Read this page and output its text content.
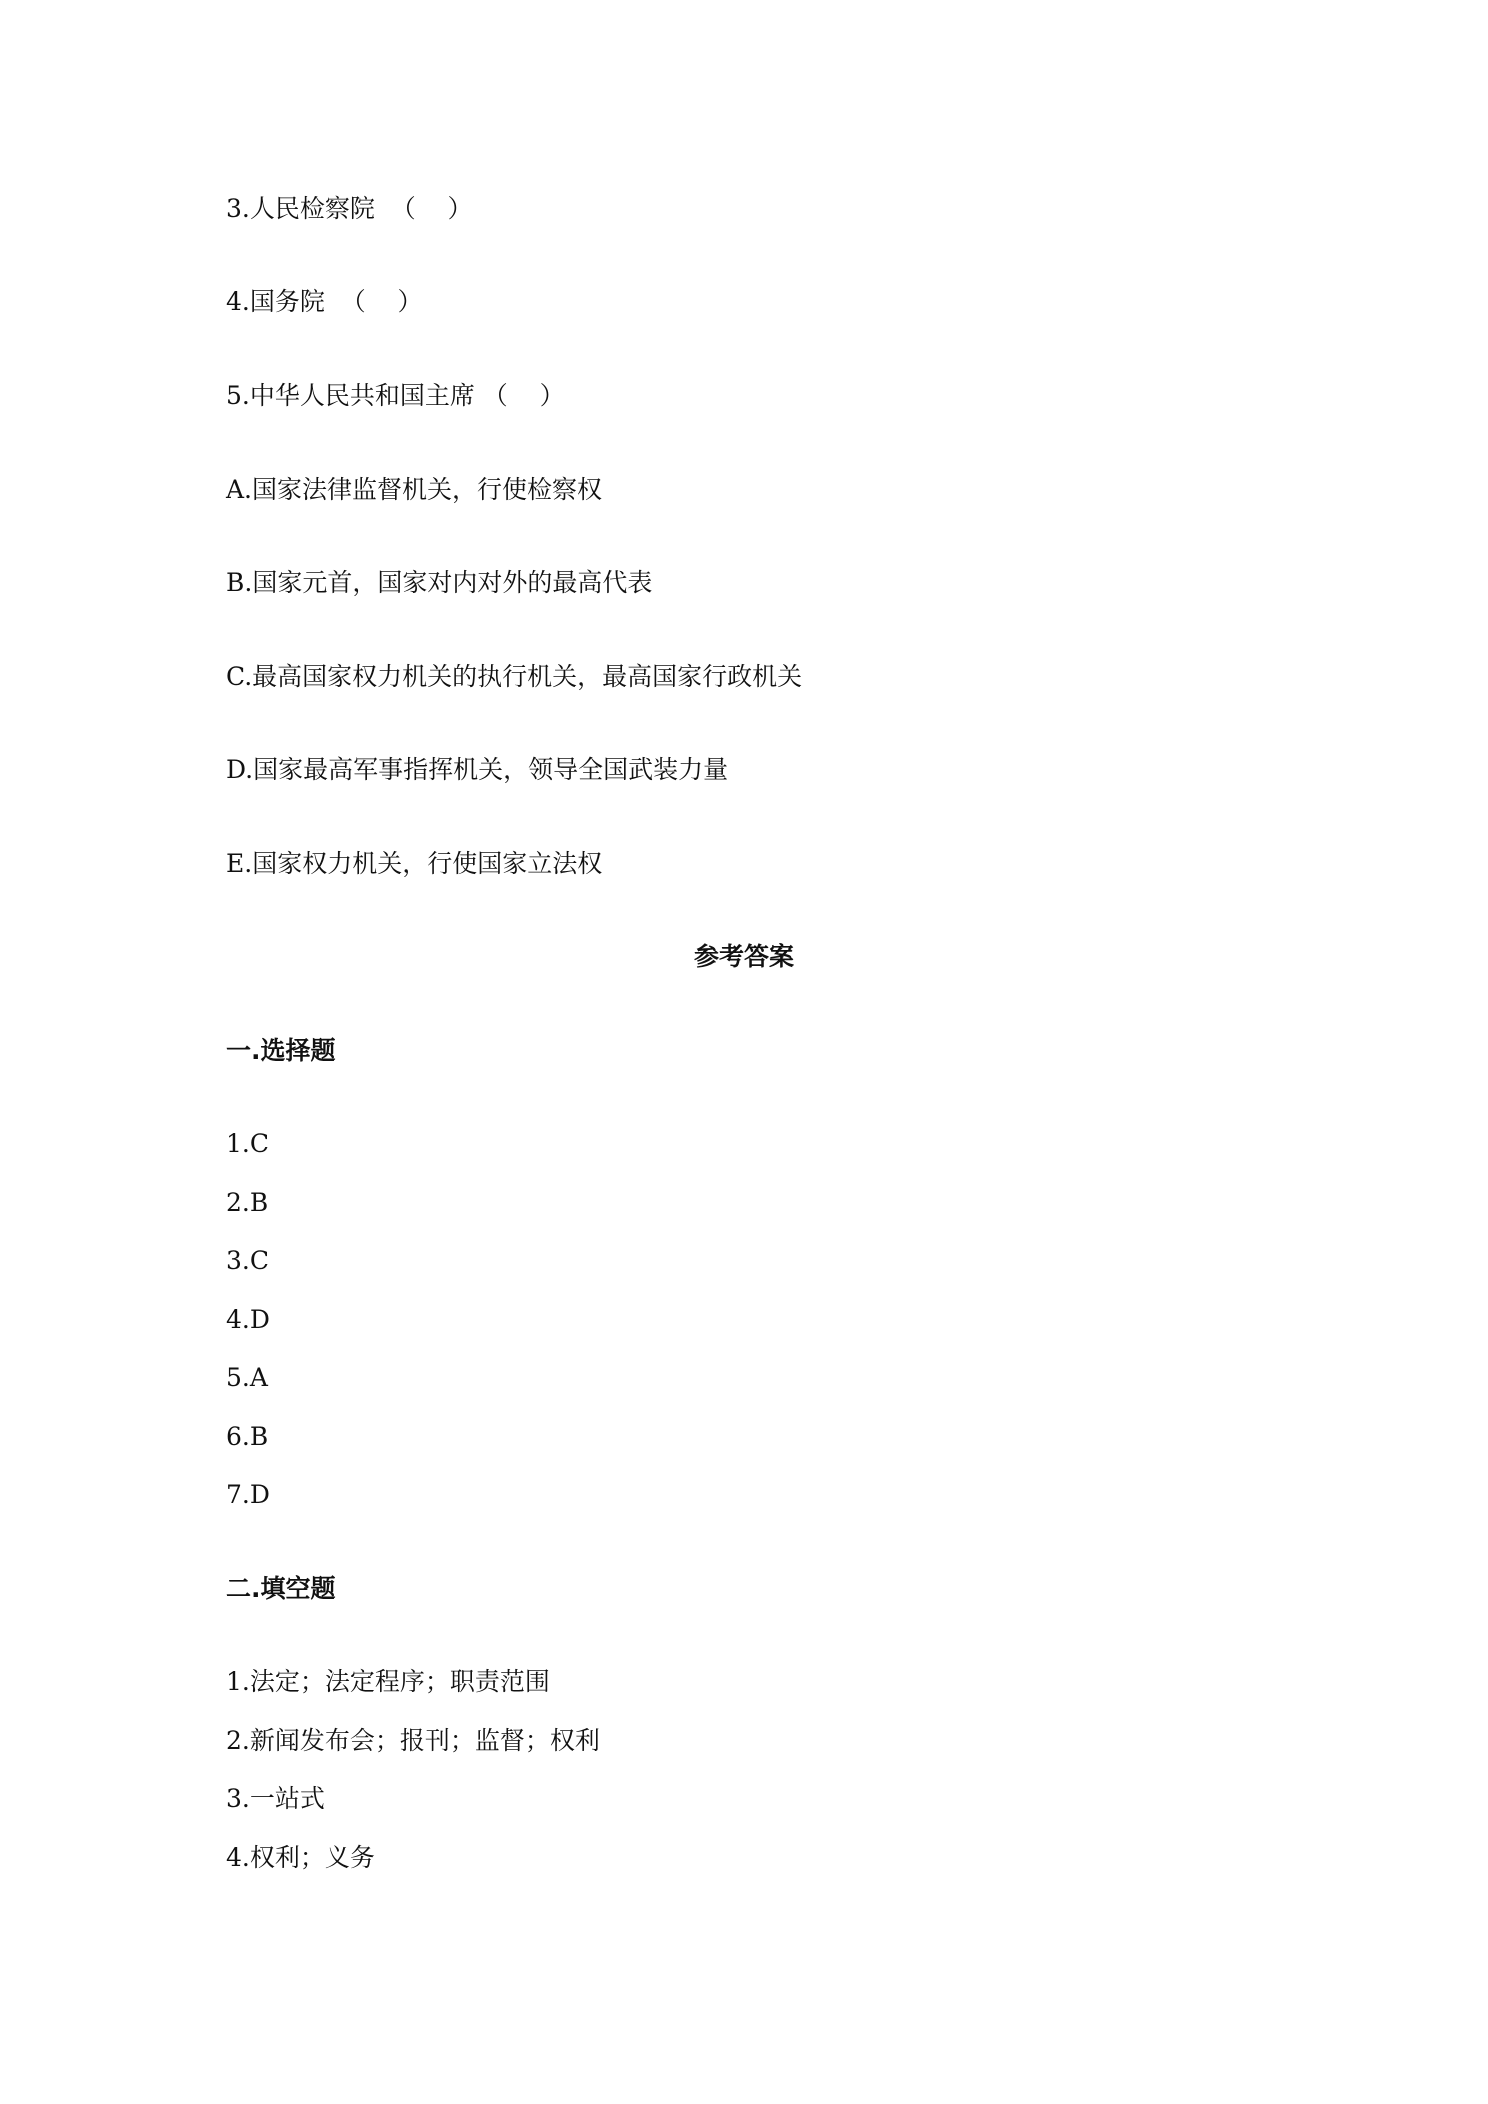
3.人民检察院  （    ）

4.国务院  （    ）

5.中华人民共和国主席 （    ）

A.国家法律监督机关，行使检察权

B.国家元首，国家对内对外的最高代表

C.最高国家权力机关的执行机关，最高国家行政机关

D.国家最高军事指挥机关，领导全国武装力量

E.国家权力机关，行使国家立法权

参考答案

一.选择题

1.C

2.B

3.C

4.D

5.A

6.B

7.D

二.填空题

1.法定；法定程序；职责范围

2.新闻发布会；报刊；监督；权利

3.一站式

4.权利；义务
